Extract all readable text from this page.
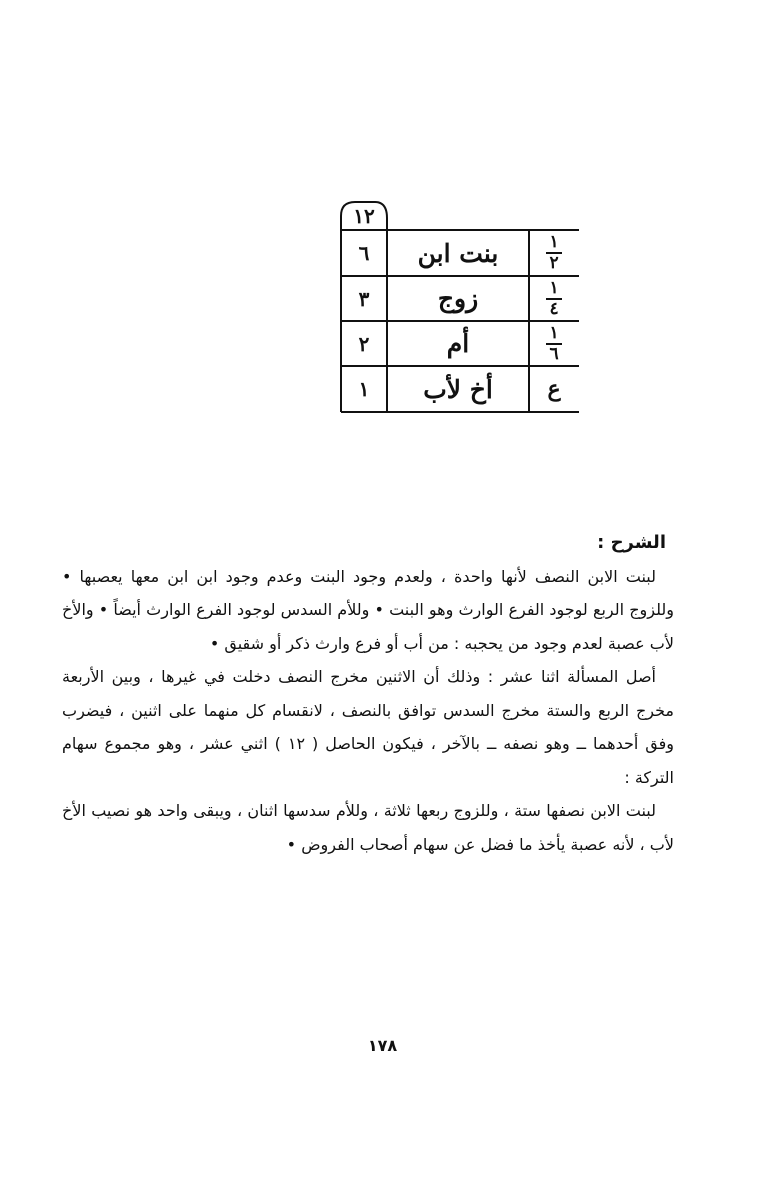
١٢
٦	بنت ابن	$\frac{١}{٢}$
٣	زوج	$\frac{١}{٤}$
٢	أم	$\frac{١}{٦}$
١	أخ لأب	ع
الشرح :

لبنت الابن النصف لأنها واحدة ، ولعدم وجود البنت وعدم وجود ابن ابن معها يعصبها • وللزوج الربع لوجود الفرع الوارث وهو البنت • وللأم السدس لوجود الفرع الوارث أيضاً • والأخ لأب عصبة لعدم وجود من يحجبه : من أب أو فرع وارث ذكر أو شقيق •

أصل المسألة اثنا عشر : وذلك أن الاثنين مخرج النصف دخلت في غيرها ، وبين الأربعة مخرج الربع والستة مخرج السدس توافق بالنصف ، لانقسام كل منهما على اثنين ، فيضرب وفق أحدهما ــ وهو نصفه ــ بالآخر ، فيكون الحاصل ( ١٢ ) اثني عشر ، وهو مجموع سهام التركة :

لبنت الابن نصفها ستة ، وللزوج ربعها ثلاثة ، وللأم سدسها اثنان ، ويبقى واحد هو نصيب الأخ لأب ، لأنه عصبة يأخذ ما فضل عن سهام أصحاب الفروض •

١٧٨
